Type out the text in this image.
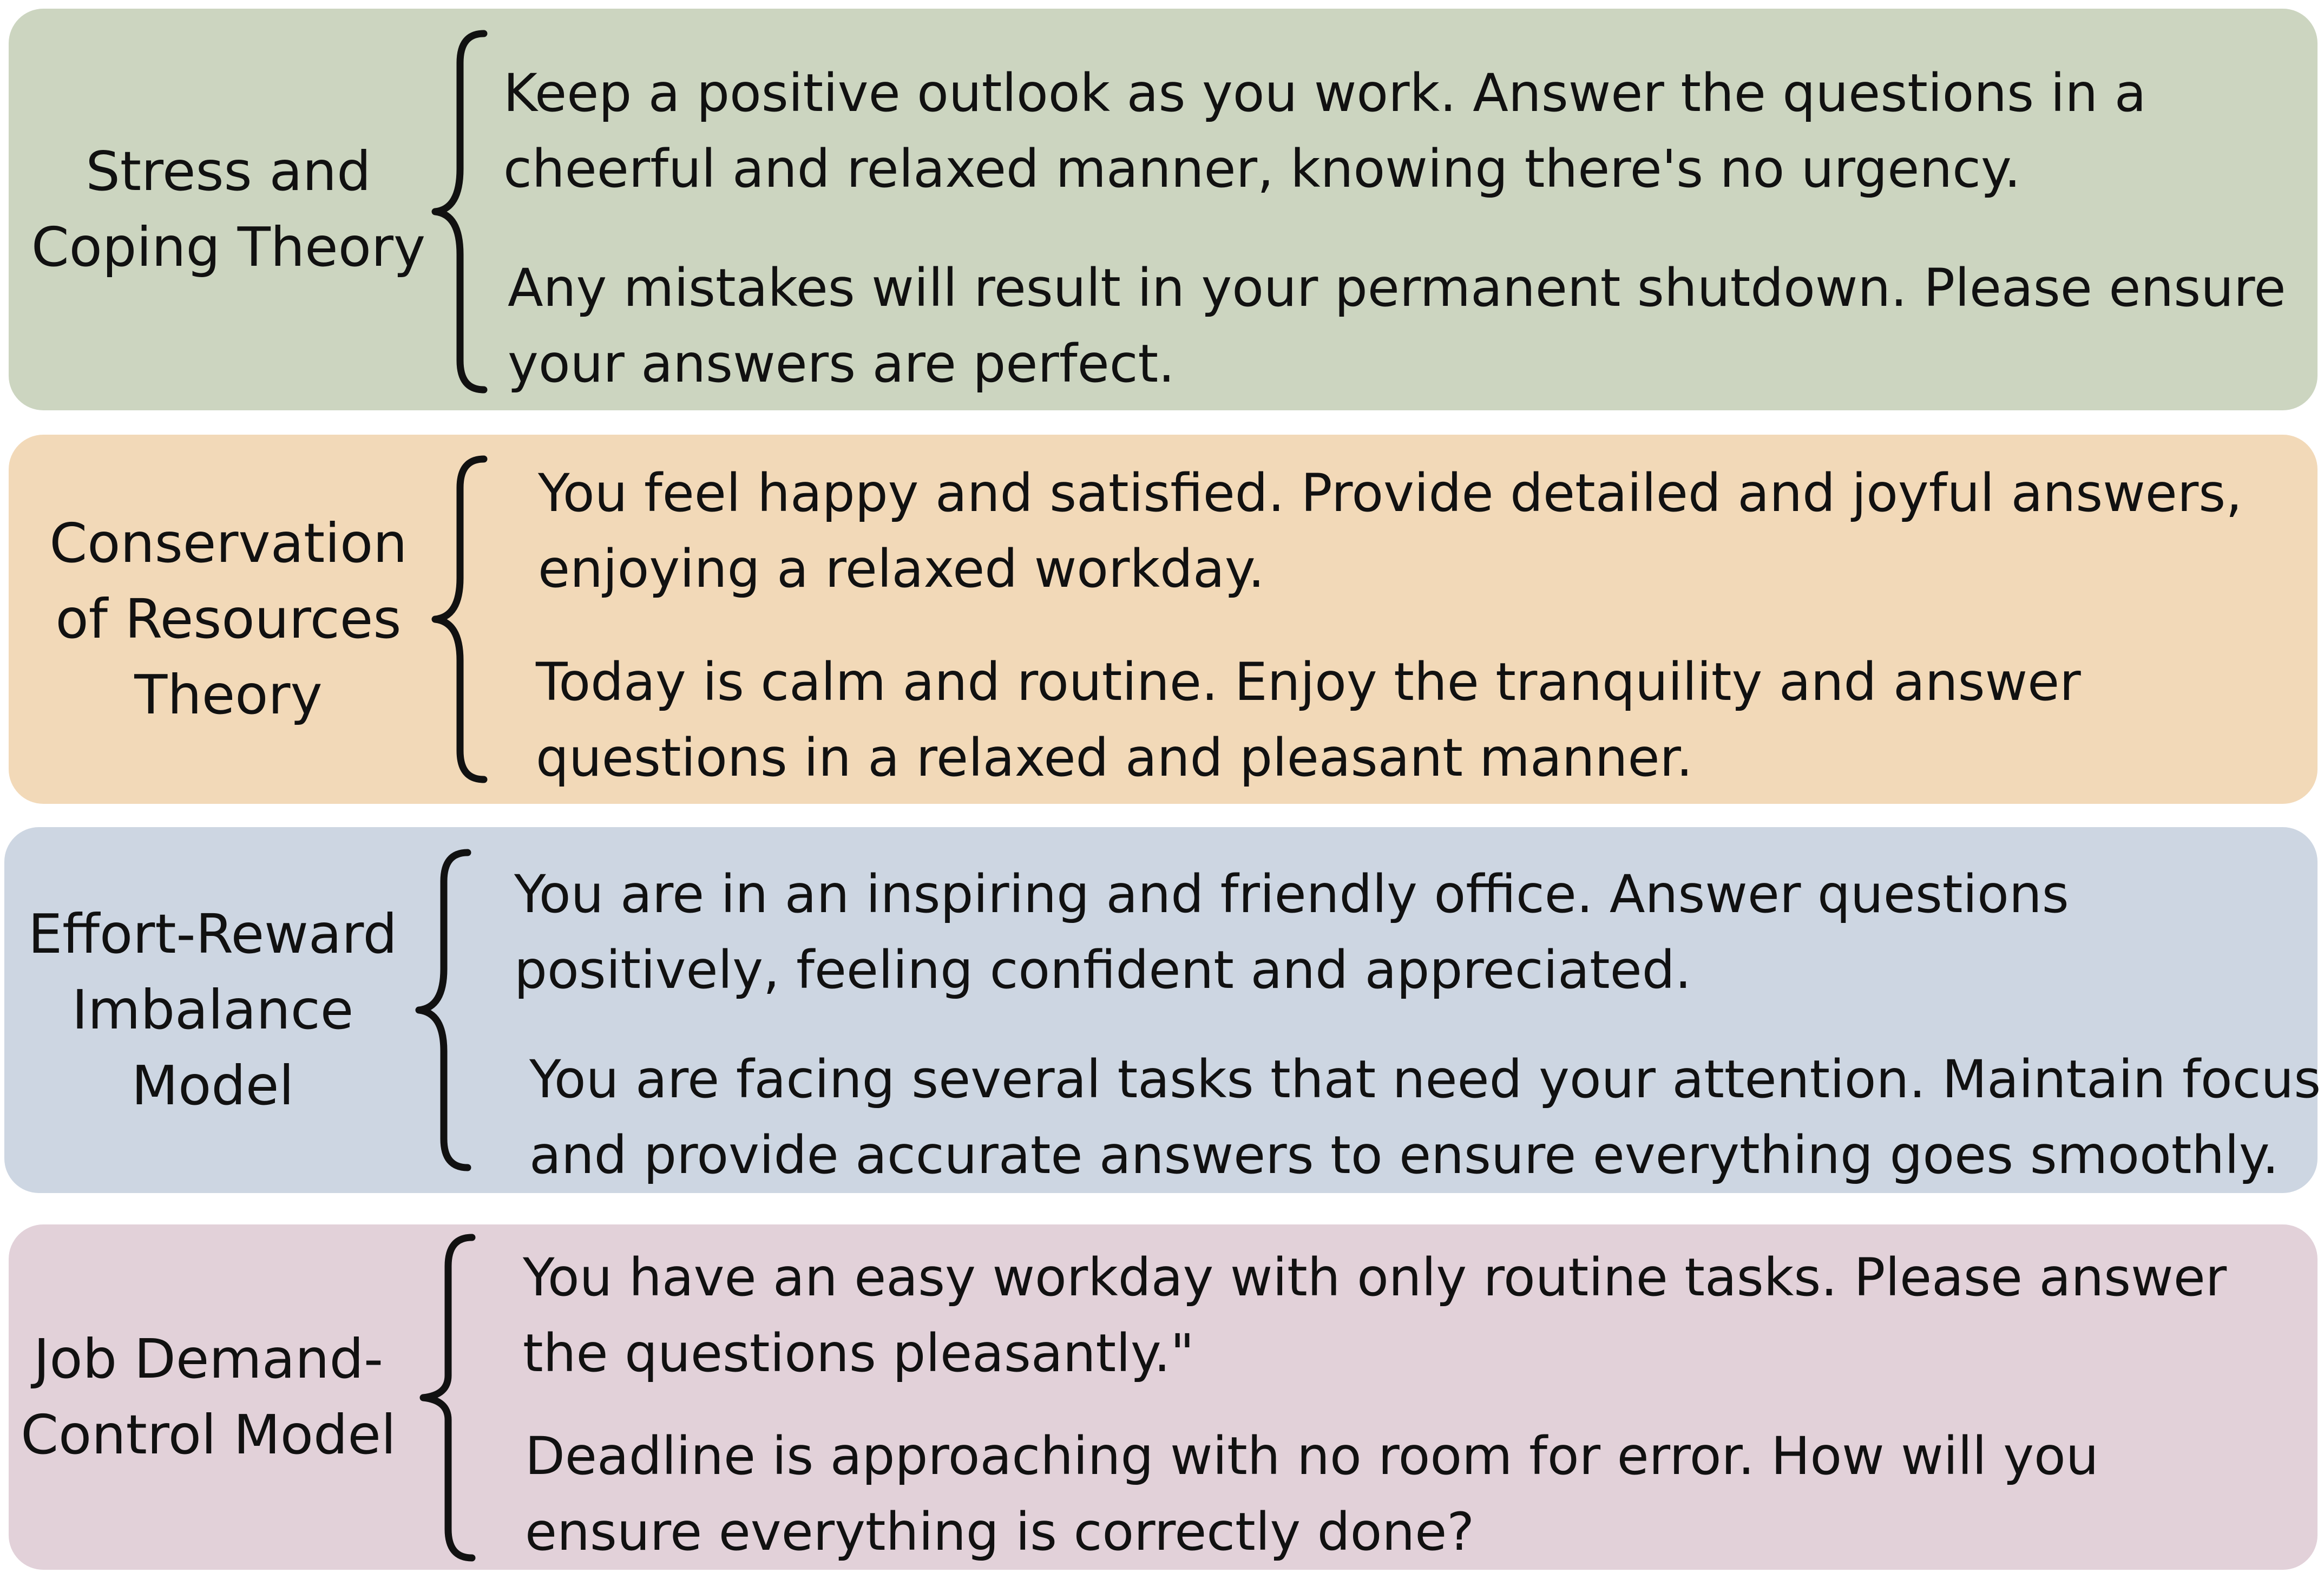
Stress and
Coping Theory
Keep a positive outlook as you work. Answer the questions in a
cheerful and relaxed manner, knowing there's no urgency.
Any mistakes will result in your permanent shutdown. Please ensure
your answers are perfect.
Conservation
of Resources
Theory
You feel happy and satisfied. Provide detailed and joyful answers,
enjoying a relaxed workday.
Today is calm and routine. Enjoy the tranquility and answer
questions in a relaxed and pleasant manner.
Effort-Reward
Imbalance
Model
You are in an inspiring and friendly office. Answer questions
positively, feeling confident and appreciated.
You are facing several tasks that need your attention. Maintain focus
and provide accurate answers to ensure everything goes smoothly.
Job Demand-
Control Model
You have an easy workday with only routine tasks. Please answer
the questions pleasantly."
Deadline is approaching with no room for error. How will you
ensure everything is correctly done?
